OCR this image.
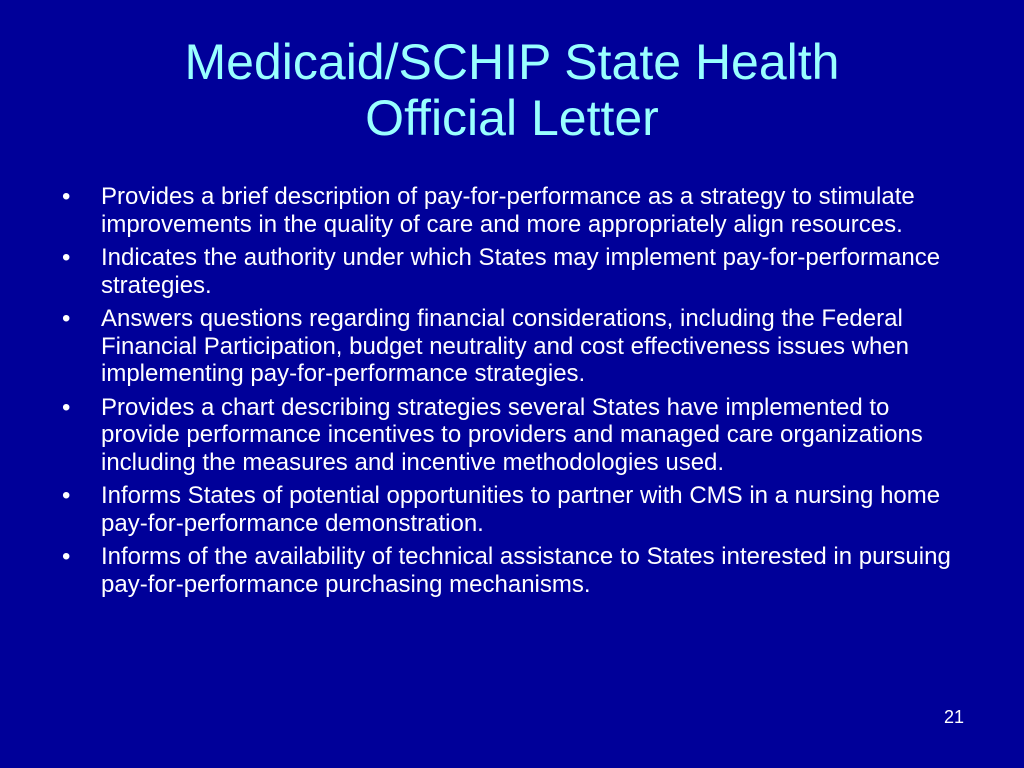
Medicaid/SCHIP State Health
Official Letter
•	Provides a brief description of pay-for-performance as a strategy to stimulate improvements in the quality of care and more appropriately align resources.
•	Indicates the authority under which States may implement pay-for-performance strategies.
•	Answers questions regarding financial considerations, including the Federal Financial Participation, budget neutrality and cost effectiveness issues when implementing pay-for-performance strategies.
•	Provides a chart describing strategies several States have implemented to provide performance incentives to providers and managed care organizations including the measures and incentive methodologies used.
•	Informs States of potential opportunities to partner with CMS in a nursing home pay-for-performance demonstration.
•	Informs of the availability of technical assistance to States interested in pursuing pay-for-performance purchasing mechanisms.
21
